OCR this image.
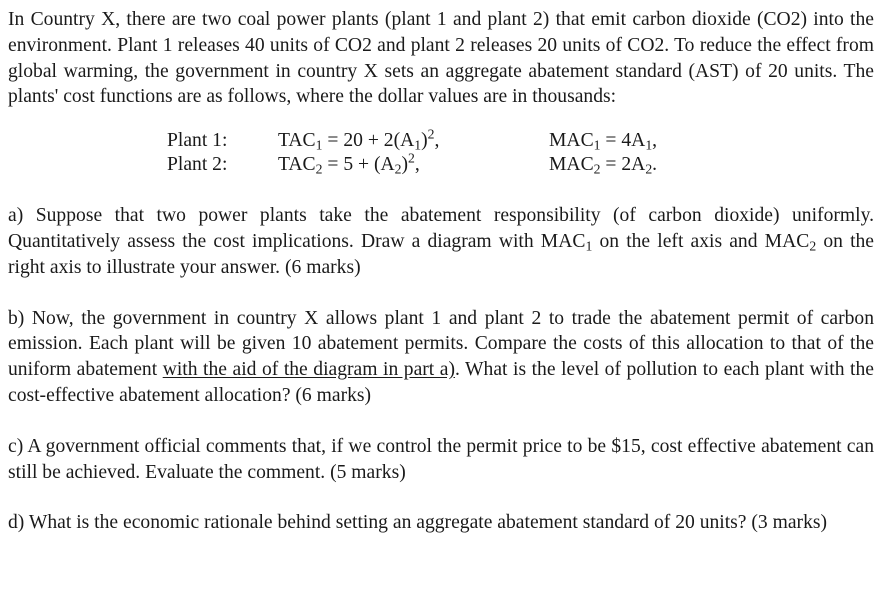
In Country X, there are two coal power plants (plant 1 and plant 2) that emit carbon dioxide (CO2) into the environment. Plant 1 releases 40 units of CO2 and plant 2 releases 20 units of CO2. To reduce the effect from global warming, the government in country X sets an aggregate abatement standard (AST) of 20 units. The plants' cost functions are as follows, where the dollar values are in thousands:

Plant 1:	$TAC_1 = 20 + 2(A_1)^2$,	$MAC_1 = 4A_1$,
Plant 2:	$TAC_2 = 5 + (A_2)^2$,	$MAC_2 = 2A_2$.

a) Suppose that two power plants take the abatement responsibility (of carbon dioxide) uniformly. Quantitatively assess the cost implications. Draw a diagram with $MAC_1$ on the left axis and $MAC_2$ on the right axis to illustrate your answer. (6 marks)

b) Now, the government in country X allows plant 1 and plant 2 to trade the abatement permit of carbon emission. Each plant will be given 10 abatement permits. Compare the costs of this allocation to that of the uniform abatement with the aid of the diagram in part a). What is the level of pollution to each plant with the cost-effective abatement allocation? (6 marks)

c) A government official comments that, if we control the permit price to be $15, cost effective abatement can still be achieved. Evaluate the comment. (5 marks)

d) What is the economic rationale behind setting an aggregate abatement standard of 20 units? (3 marks)
